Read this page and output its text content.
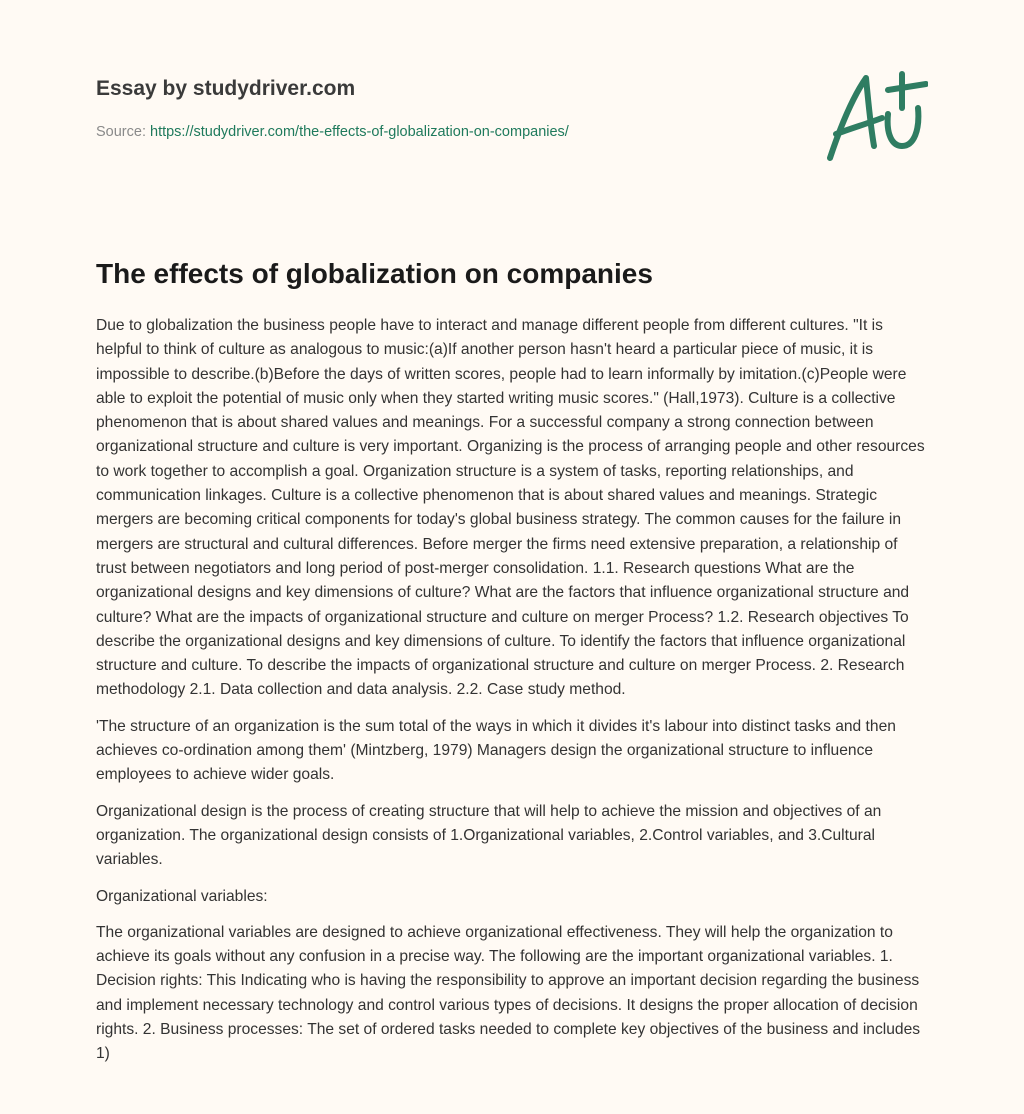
Essay by studydriver.com
Source: https://studydriver.com/the-effects-of-globalization-on-companies/
The effects of globalization on companies

Due to globalization the business people have to interact and manage different people from different cultures. "It is helpful to think of culture as analogous to music:(a)If another person hasn't heard a particular piece of music, it is impossible to describe.(b)Before the days of written scores, people had to learn informally by imitation.(c)People were able to exploit the potential of music only when they started writing music scores." (Hall,1973). Culture is a collective phenomenon that is about shared values and meanings. For a successful company a strong connection between organizational structure and culture is very important. Organizing is the process of arranging people and other resources to work together to accomplish a goal. Organization structure is a system of tasks, reporting relationships, and communication linkages. Culture is a collective phenomenon that is about shared values and meanings. Strategic mergers are becoming critical components for today's global business strategy. The common causes for the failure in mergers are structural and cultural differences. Before merger the firms need extensive preparation, a relationship of trust between negotiators and long period of post-merger consolidation. 1.1. Research questions What are the organizational designs and key dimensions of culture? What are the factors that influence organizational structure and culture? What are the impacts of organizational structure and culture on merger Process? 1.2. Research objectives To describe the organizational designs and key dimensions of culture. To identify the factors that influence organizational structure and culture. To describe the impacts of organizational structure and culture on merger Process. 2. Research methodology 2.1. Data collection and data analysis. 2.2. Case study method.

'The structure of an organization is the sum total of the ways in which it divides it's labour into distinct tasks and then achieves co-ordination among them' (Mintzberg, 1979) Managers design the organizational structure to influence employees to achieve wider goals.

Organizational design is the process of creating structure that will help to achieve the mission and objectives of an organization. The organizational design consists of 1.Organizational variables, 2.Control variables, and 3.Cultural variables.

Organizational variables:

The organizational variables are designed to achieve organizational effectiveness. They will help the organization to achieve its goals without any confusion in a precise way. The following are the important organizational variables. 1. Decision rights: This Indicating who is having the responsibility to approve an important decision regarding the business and implement necessary technology and control various types of decisions. It designs the proper allocation of decision rights. 2. Business processes: The set of ordered tasks needed to complete key objectives of the business and includes 1)
